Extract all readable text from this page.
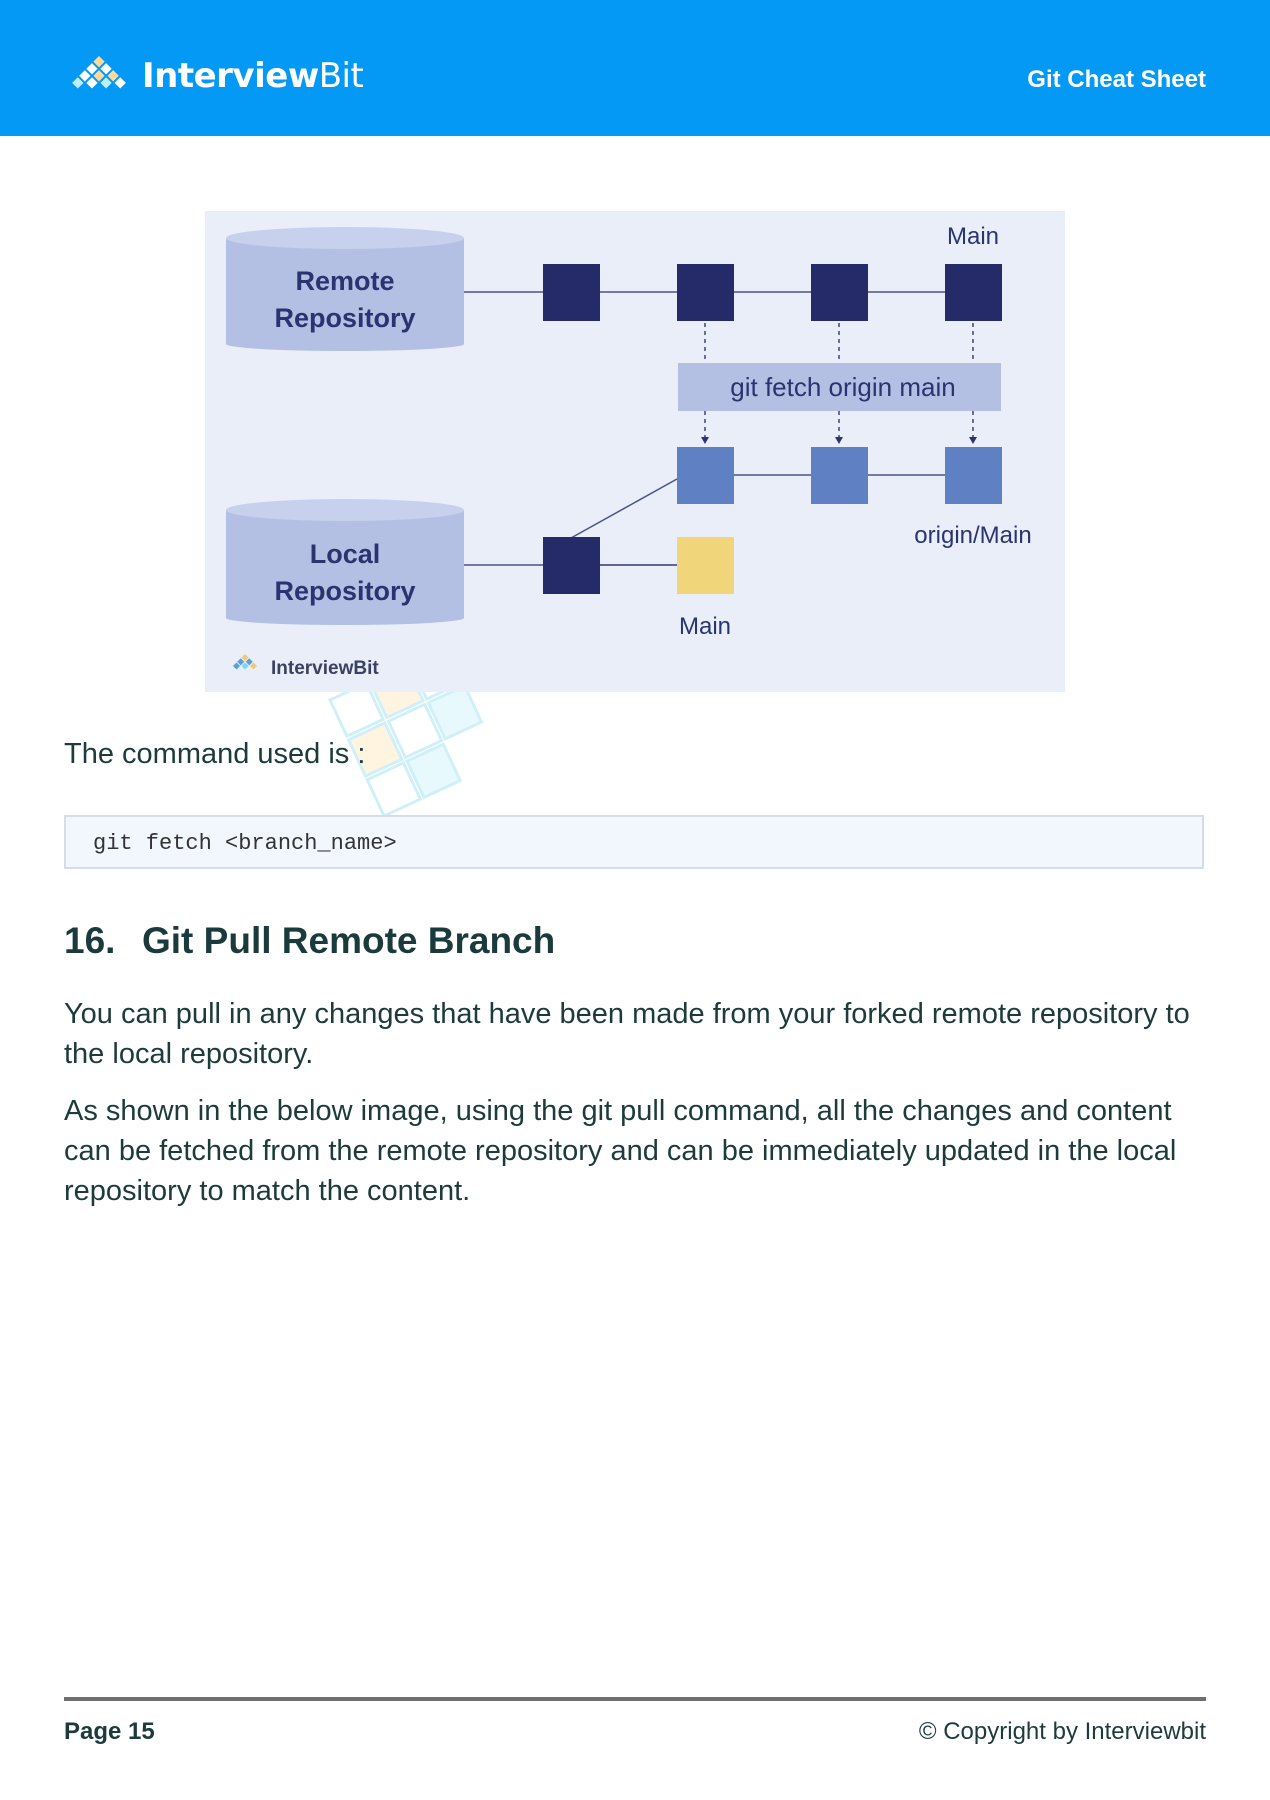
InterviewBit	Git Cheat Sheet
Remote
Repository
Local
Repository
Main
git fetch origin main
origin/Main
Main
InterviewBit
The command used is :
git fetch <branch_name>
16. Git Pull Remote Branch
You can pull in any changes that have been made from your forked remote repository to the local repository.
As shown in the below image, using the git pull command, all the changes and content can be fetched from the remote repository and can be immediately updated in the local repository to match the content.
Page 15	© Copyright by Interviewbit
